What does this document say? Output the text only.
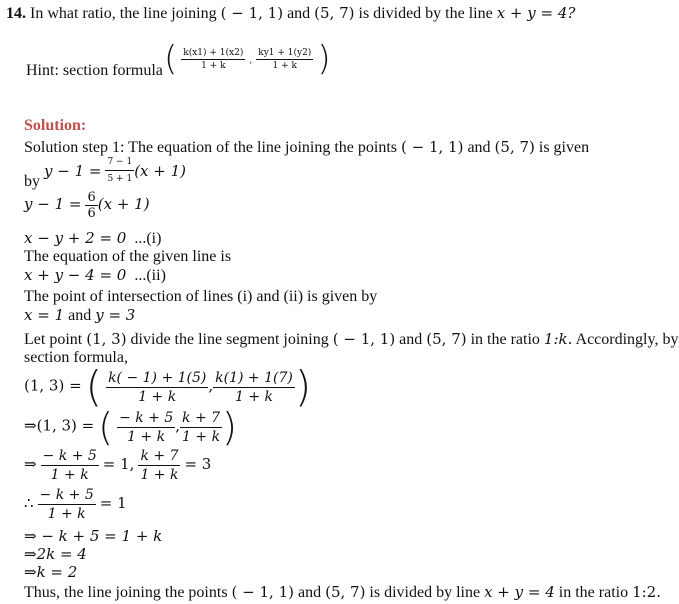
14. In what ratio, the line joining ( − 1, 1) and (5, 7) is divided by the line x + y = 4?
Hint: section formula ( $\frac{k(x1) + 1(x2)}{1 + k}$ , $\frac{ky1 + 1(y2)}{1 + k}$ )
Solution:
Solution step 1: The equation of the line joining the points ( − 1, 1) and (5, 7) is given
by $y - 1 = \frac{7 - 1}{5 + 1} (x + 1)$
$y - 1 = \frac{6}{6} (x + 1)$
x − y + 2 = 0 ...(i)
The equation of the given line is
x + y − 4 = 0 ...(ii)
The point of intersection of lines (i) and (ii) is given by
x = 1 and y = 3
Let point (1, 3) divide the line segment joining ( − 1, 1) and (5, 7) in the ratio 1:k. Accordingly, by
section formula,
(1, 3) = ( $\frac{k( - 1) + 1(5)}{1 + k}$ , $\frac{k(1) + 1(7)}{1 + k}$ )
⇒(1, 3) = ( $\frac{- k + 5}{1 + k}$ , $\frac{k + 7}{1 + k}$ )
⇒ $\frac{- k + 5}{1 + k} = 1$, $\frac{k + 7}{1 + k} = 3$
∴ $\frac{- k + 5}{1 + k} = 1$
⇒ − k + 5 = 1 + k
⇒2k = 4
⇒k = 2
Thus, the line joining the points ( − 1, 1) and (5, 7) is divided by line x + y = 4 in the ratio 1:2.
